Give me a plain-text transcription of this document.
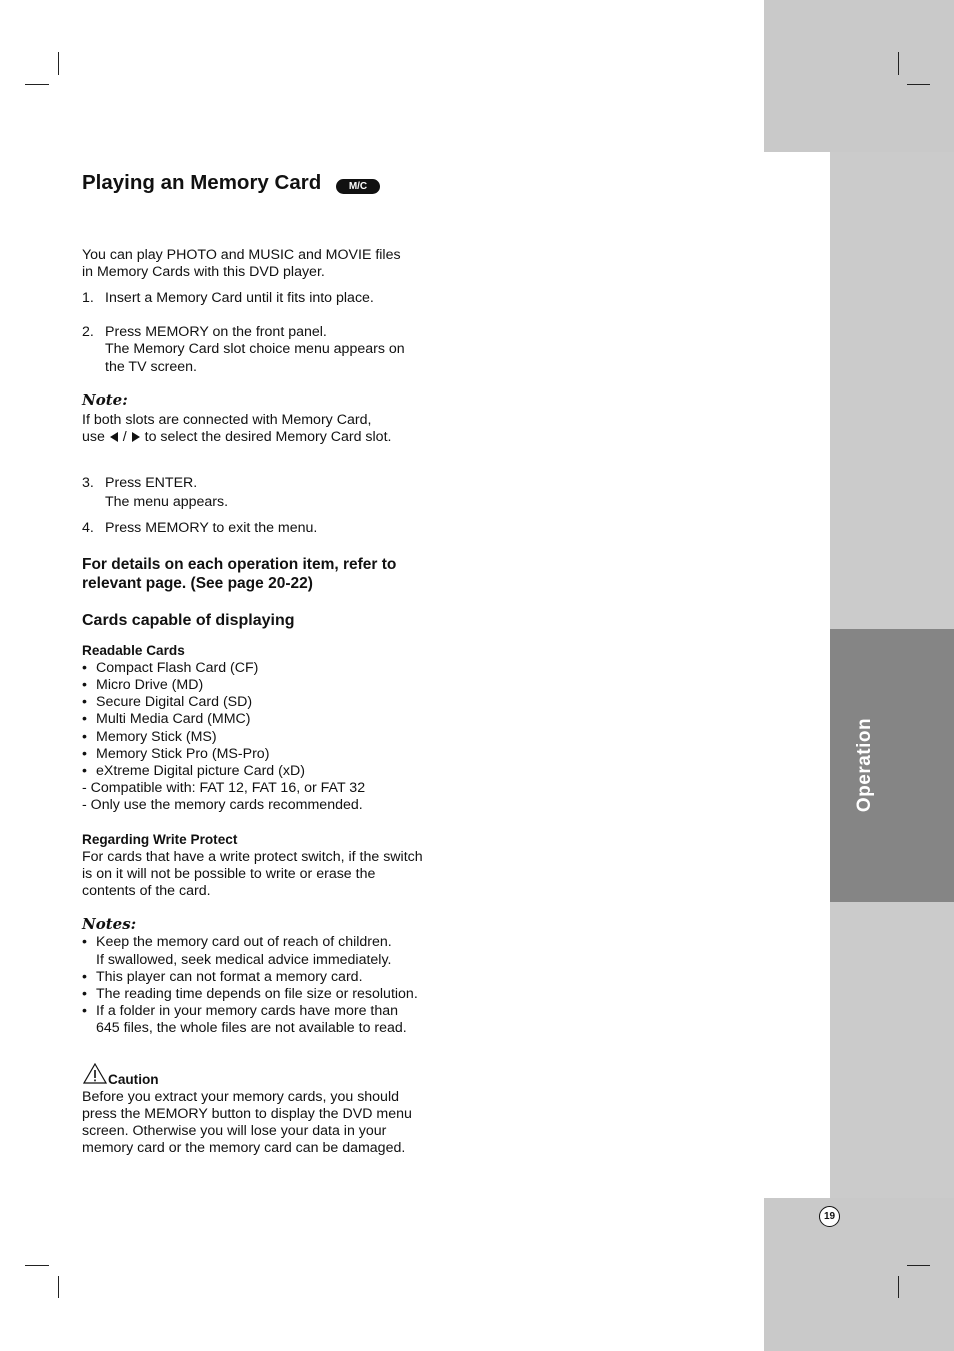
Operation
Playing an Memory Card	M/C
You can play PHOTO and MUSIC and MOVIE files
in Memory Cards with this DVD player.
1. Insert a Memory Card until it fits into place.
2. Press MEMORY on the front panel.
The Memory Card slot choice menu appears on
the TV screen.
Note:
If both slots are connected with Memory Card,
use / to select the desired Memory Card slot.
3. Press ENTER.
The menu appears.
4. Press MEMORY to exit the menu.
For details on each operation item, refer to
relevant page. (See page 20-22)
Cards capable of displaying
Readable Cards
• Compact Flash Card (CF)
• Micro Drive (MD)
• Secure Digital Card (SD)
• Multi Media Card (MMC)
• Memory Stick (MS)
• Memory Stick Pro (MS-Pro)
• eXtreme Digital picture Card (xD)
- Compatible with: FAT 12, FAT 16, or FAT 32
- Only use the memory cards recommended.
Regarding Write Protect
For cards that have a write protect switch, if the switch
is on it will not be possible to write or erase the
contents of the card.
Notes:
• Keep the memory card out of reach of children.
If swallowed, seek medical advice immediately.
• This player can not format a memory card.
• The reading time depends on file size or resolution.
• If a folder in your memory cards have more than
645 files, the whole files are not available to read.
Caution
Before you extract your memory cards, you should
press the MEMORY button to display the DVD menu
screen. Otherwise you will lose your data in your
memory card or the memory card can be damaged.
19
